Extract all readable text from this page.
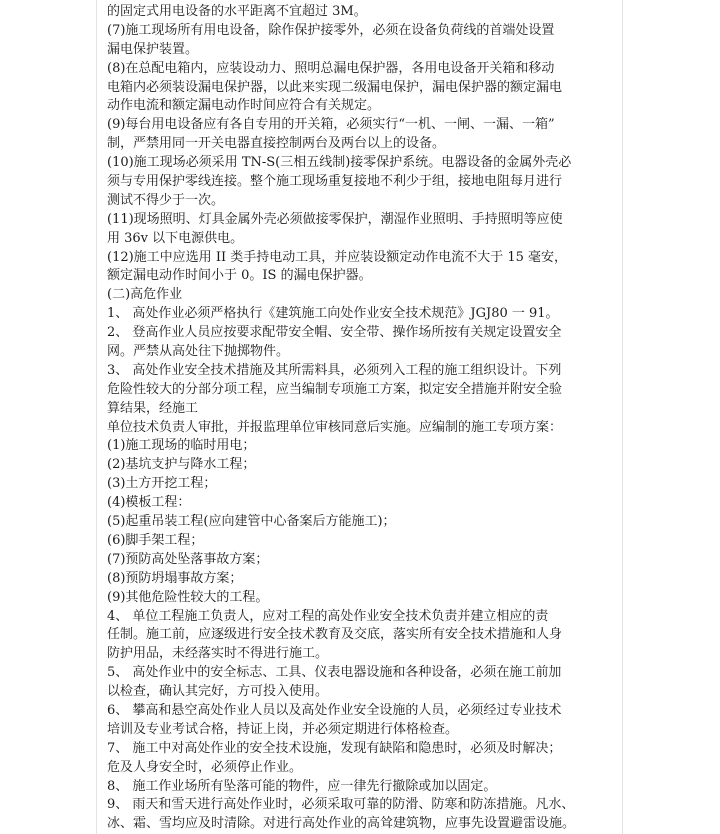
的固定式用电设备的水平距离不宜超过 3M。
(7)施工现场所有用电设备，除作保护接零外，必须在设备负荷线的首端处设置
漏电保护装置。
(8)在总配电箱内，应装设动力、照明总漏电保护器，各用电设备开关箱和移动
电箱内必须装设漏电保护器，以此来实现二级漏电保护，漏电保护器的额定漏电
动作电流和额定漏电动作时间应符合有关规定。
(9)每台用电设备应有各自专用的开关箱，必须实行“一机、一闸、一漏、一箱”
制，严禁用同一开关电器直接控制两台及两台以上的设备。
(10)施工现场必须采用 TN-S(三相五线制)接零保护系统。电器设备的金属外壳必
须与专用保护零线连接。整个施工现场重复接地不利少于组，接地电阻每月进行
测试不得少于一次。
(11)现场照明、灯具金属外壳必须做接零保护，潮湿作业照明、手持照明等应使
用 36v 以下电源供电。
(12)施工中应选用 II 类手持电动工具，并应装设额定动作电流不大于 15 毫安，
额定漏电动作时间小于 0。IS 的漏电保护器。
(二)高危作业
1、 高处作业必须严格执行《建筑施工向处作业安全技术规范》JGJ80 一 91。
2、 登高作业人员应按要求配带安全帽、安全带、操作场所按有关规定设置安全
网。严禁从高处往下抛掷物件。
3、 高处作业安全技术措施及其所需料具，必须列入工程的施工组织设计。下列
危险性较大的分部分项工程，应当编制专项施工方案，拟定安全措施并附安全验
算结果，经施工
单位技术负责人审批，并报监理单位审核同意后实施。应编制的施工专项方案：
(1)施工现场的临时用电；
(2)基坑支护与降水工程；
(3)土方开挖工程；
(4)模板工程：
(5)起重吊装工程(应向建管中心备案后方能施工)；
(6)脚手架工程；
(7)预防高处坠落事故方案；
(8)预防坍塌事故方案；
(9)其他危险性较大的工程。
4、 单位工程施工负责人，应对工程的高处作业安全技术负责并建立相应的责
任制。施工前，应逐级进行安全技术教育及交底，落实所有安全技术措施和人身
防护用品，未经落实时不得进行施工。
5、 高处作业中的安全标志、工具、仪表电器设施和各种设备，必须在施工前加
以检查，确认其完好，方可投入使用。
6、 攀高和悬空高处作业人员以及高处作业安全设施的人员，必须经过专业技术
培训及专业考试合格，持证上岗，并必须定期进行体格检查。
7、 施工中对高处作业的安全技术设施，发现有缺陷和隐患时，必须及时解决；
危及人身安全时，必须停止作业。
8、 施工作业场所有坠落可能的物件，应一律先行撤除或加以固定。
9、 雨天和雪天进行高处作业时，必须采取可靠的防滑、防寒和防冻措施。凡水、
冰、霜、雪均应及时清除。对进行高处作业的高耸建筑物，应事先设置避雷设施。
